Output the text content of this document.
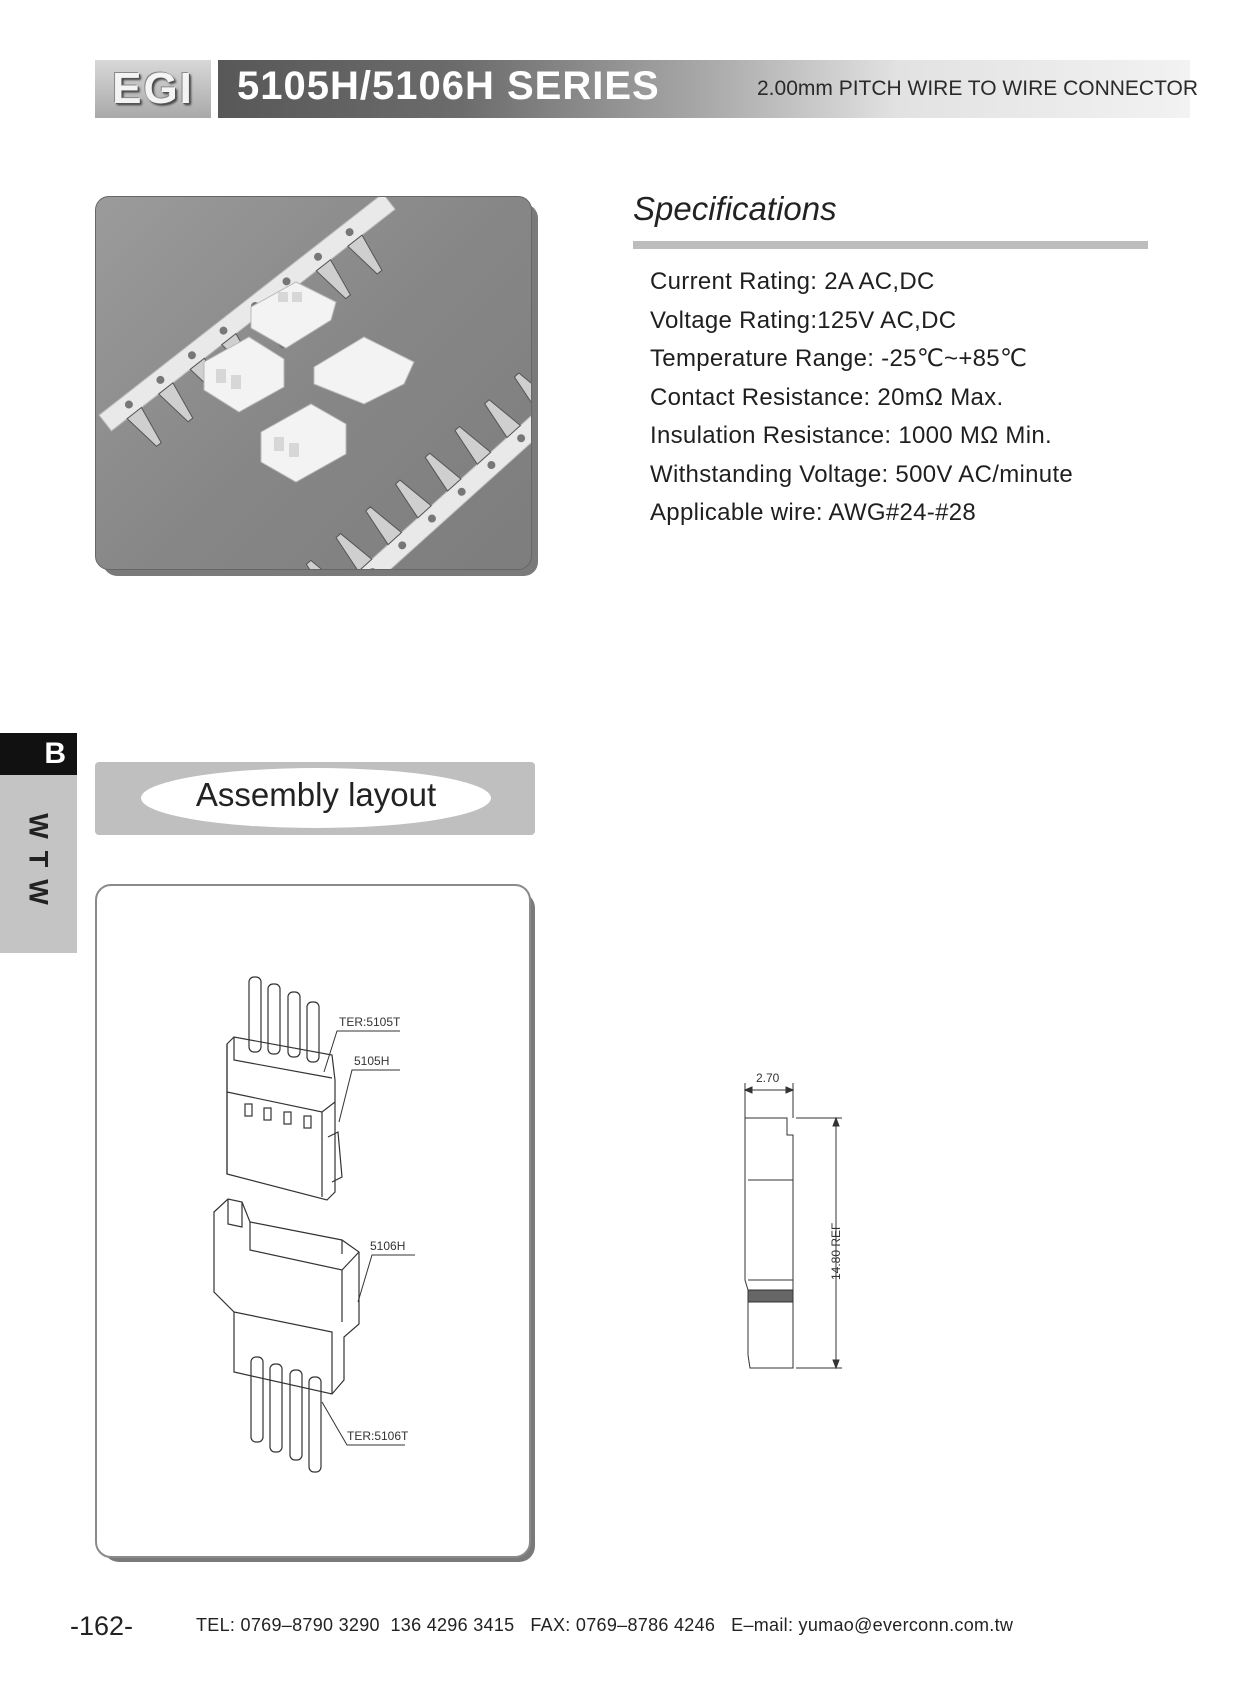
EGI 5105H/5106H SERIES	2.00mm PITCH WIRE TO WIRE CONNECTOR
Specifications
Current Rating: 2A AC,DC
Voltage Rating:125V AC,DC
Temperature Range: -25℃~+85℃
Contact Resistance: 20mΩ Max.
Insulation Resistance: 1000 MΩ Min.
Withstanding Voltage: 500V AC/minute
Applicable wire: AWG#24-#28
B
WTW
Assembly layout
TER:5105T
5105H
5106H
TER:5106T
2.70
14.80 REF
-162-	TEL: 0769–8790 3290  136 4296 3415   FAX: 0769–8786 4246   E–mail: yumao@everconn.com.tw
